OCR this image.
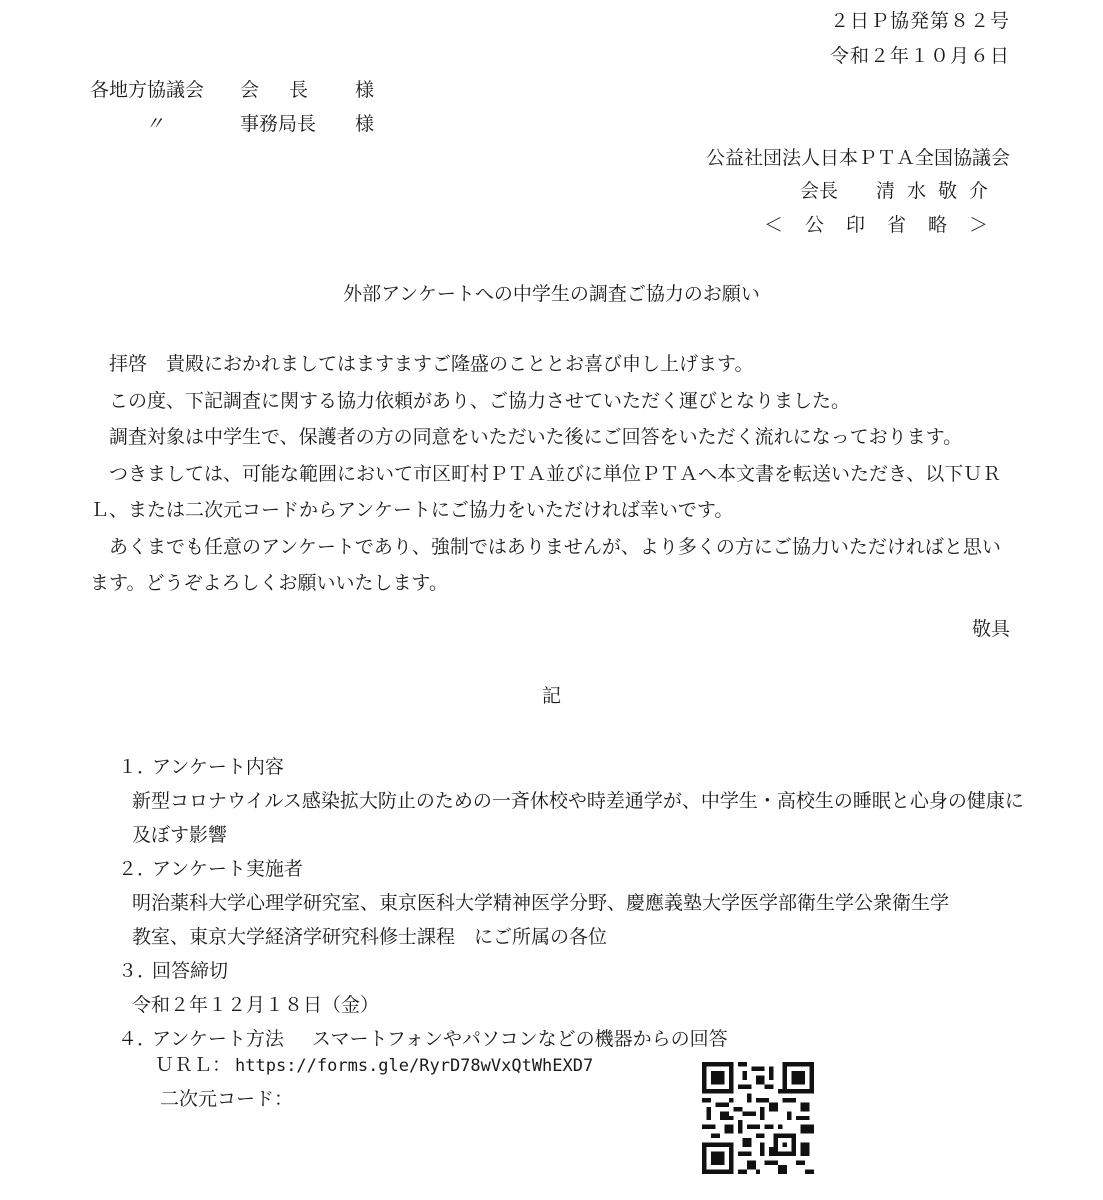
２日Ｐ協発第８２号
令和２年１０月６日
各地方協議会 会長 様
〃	事務局長 様
公益社団法人日本ＰＴＡ全国協議会
会長 清水敬介
＜公印省略＞
外部アンケートへの中学生の調査ご協力のお願い

拝啓　貴殿におかれましてはますますご隆盛のこととお喜び申し上げます。

この度、下記調査に関する協力依頼があり、ご協力させていただく運びとなりました。

調査対象は中学生で、保護者の方の同意をいただいた後にご回答をいただく流れになっております。

つきましては、可能な範囲において市区町村ＰＴＡ並びに単位ＰＴＡへ本文書を転送いただき、以下ＵＲＬ、または二次元コードからアンケートにご協力をいただければ幸いです。

あくまでも任意のアンケートであり、強制ではありませんが、より多くの方にご協力いただければと思います。どうぞよろしくお願いいたします。

敬具
記
１．アンケート内容
新型コロナウイルス感染拡大防止のための一斉休校や時差通学が、中学生・高校生の睡眠と心身の健康に及ぼす影響
２．アンケート実施者
明治薬科大学心理学研究室、東京医科大学精神医学分野、慶應義塾大学医学部衛生学公衆衛生学教室、東京大学経済学研究科修士課程　にご所属の各位
３．回答締切
令和２年１２月１８日（金）
４．アンケート方法 スマートフォンやパソコンなどの機器からの回答
ＵＲＬ： https://forms.gle/RyrD78wVxQtWhEXD7
二次元コード：
